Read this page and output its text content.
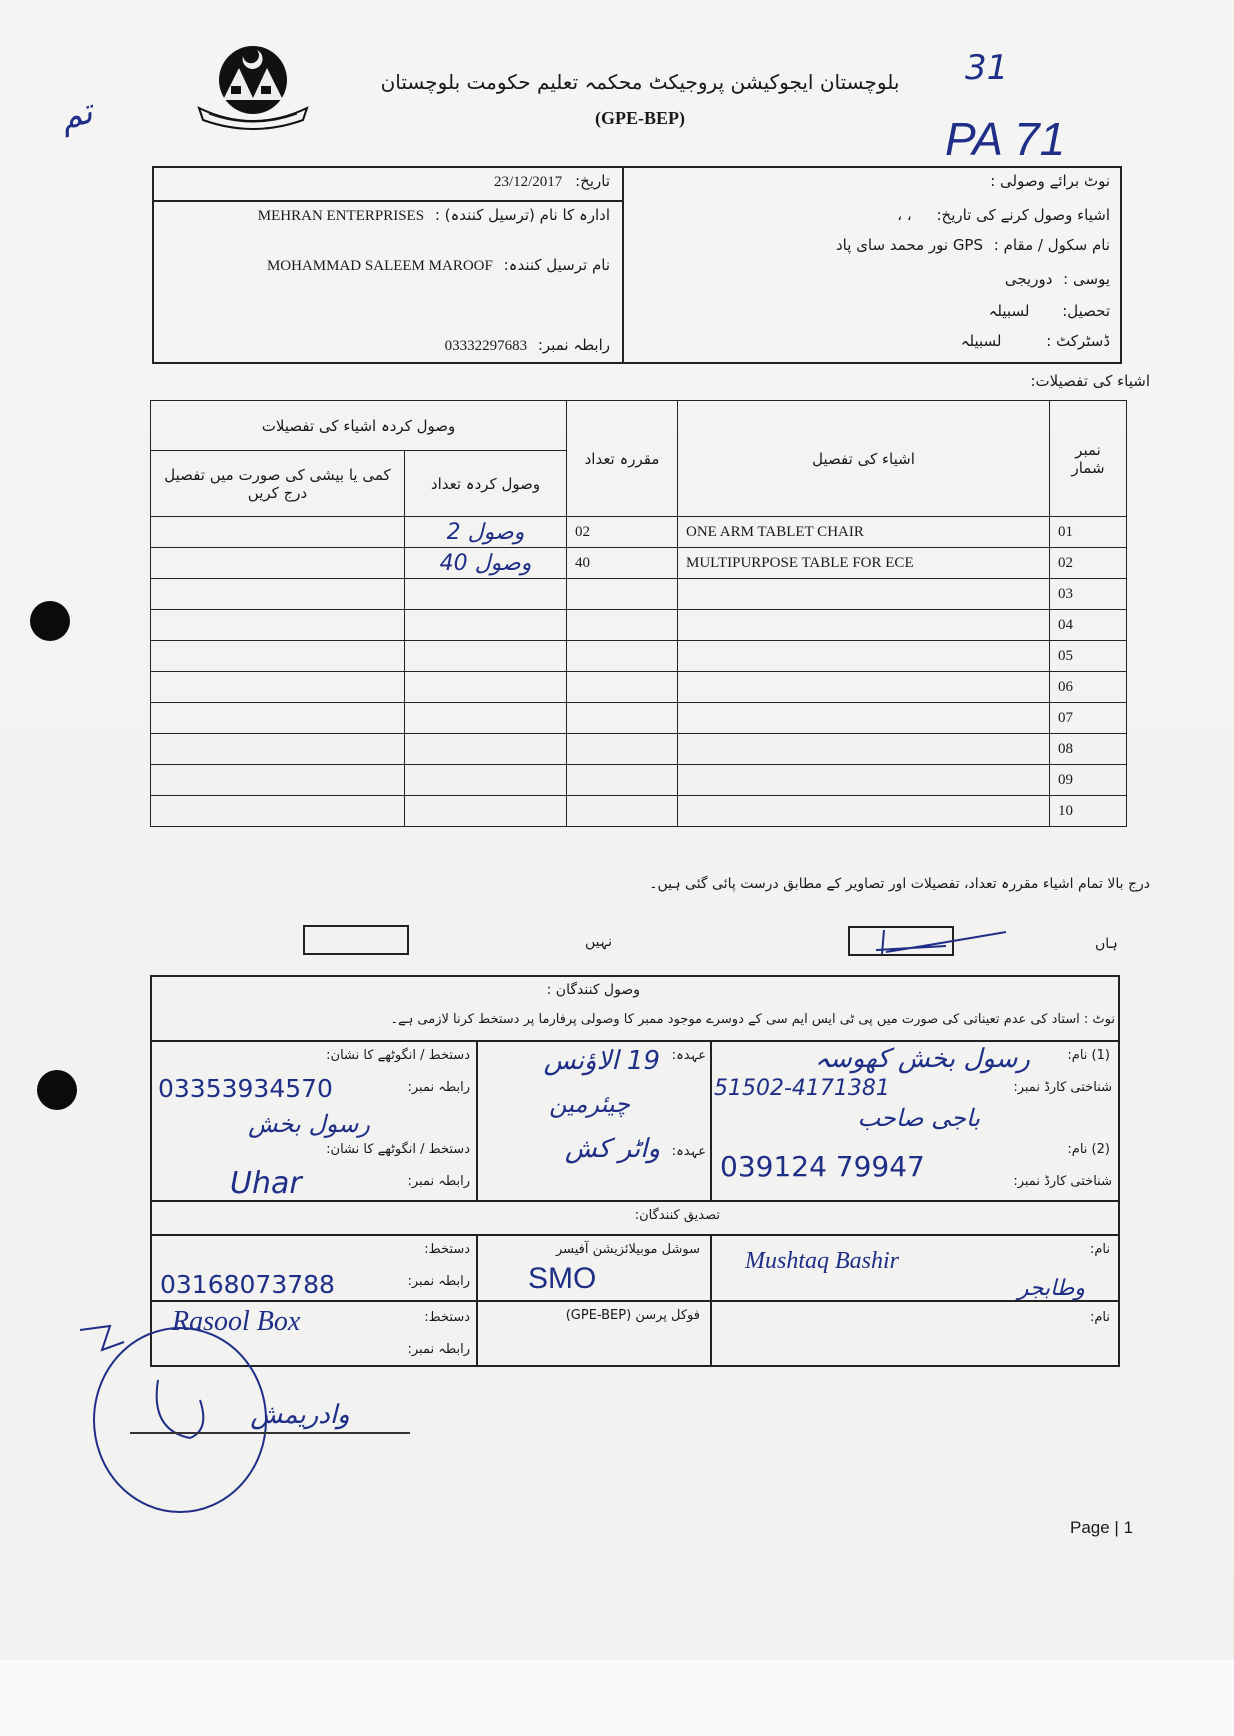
ﺗﻢ
31
PA 71
بلوچستان ایجوکیشن پروجیکٹ محکمہ تعلیم حکومت بلوچستان
(GPE-BEP)
تاریخ: 23/12/2017
ادارہ کا نام (ترسیل کنندہ) : MEHRAN ENTERPRISES
نام ترسیل کنندہ: MOHAMMAD SALEEM MAROOF
رابطہ نمبر: 03332297683
نوٹ برائے وصولی :
اشیاء وصول کرنے کی تاریخ: ، ،
نام سکول / مقام : GPS نور محمد سای پاد
یوسی : دوریجی
تحصیل: لسبیلہ
ڈسٹرکٹ : لسبیلہ
اشیاء کی تفصیلات:
وصول کردہ اشیاء کی تفصیلات		مقررہ تعداد	اشیاء کی تفصیل	نمبر شمار
کمی یا بیشی کی صورت میں تفصیل درج کریں	وصول کردہ تعداد			
	2 وصول	02	ONE ARM TABLET CHAIR	01
	40 وصول	40	MULTIPURPOSE TABLE FOR ECE	02
				03
				04
				05
				06
				07
				08
				09
				10
درج بالا تمام اشیاء مقررہ تعداد، تفصیلات اور تصاویر کے مطابق درست پائی گئی ہیں۔
ہاں
نہیں
وصول کنندگان :
نوٹ : استاد کی عدم تعیناتی کی صورت میں پی ٹی ایس ایم سی کے دوسرے موجود ممبر کا وصولی پرفارما پر دستخط کرنا لازمی ہے۔
(1) نام:
رسول بخش کھوسہ
شناختی کارڈ نمبر:
51502-4171381
عہدہ:
19 الاؤنس
چیئرمین
دستخط / انگوٹھے کا نشان:
رابطہ نمبر:
03353934570
رسول بخش	باجی صاحب
(2) نام:
شناختی کارڈ نمبر:
039124 79947
عہدہ:
واٹر کش
دستخط / انگوٹھے کا نشان:
رابطہ نمبر:
Uhar
تصدیق کنندگان:
نام:
Mushtaq Bashir
وطابجر
سوشل موبیلائزیشن آفیسر
SMO
دستخط:
رابطہ نمبر:
03168073788
نام:
فوکل پرسن (GPE-BEP)
دستخط:
رابطہ نمبر:
Rasool Box
وادریمش
Page | 1
